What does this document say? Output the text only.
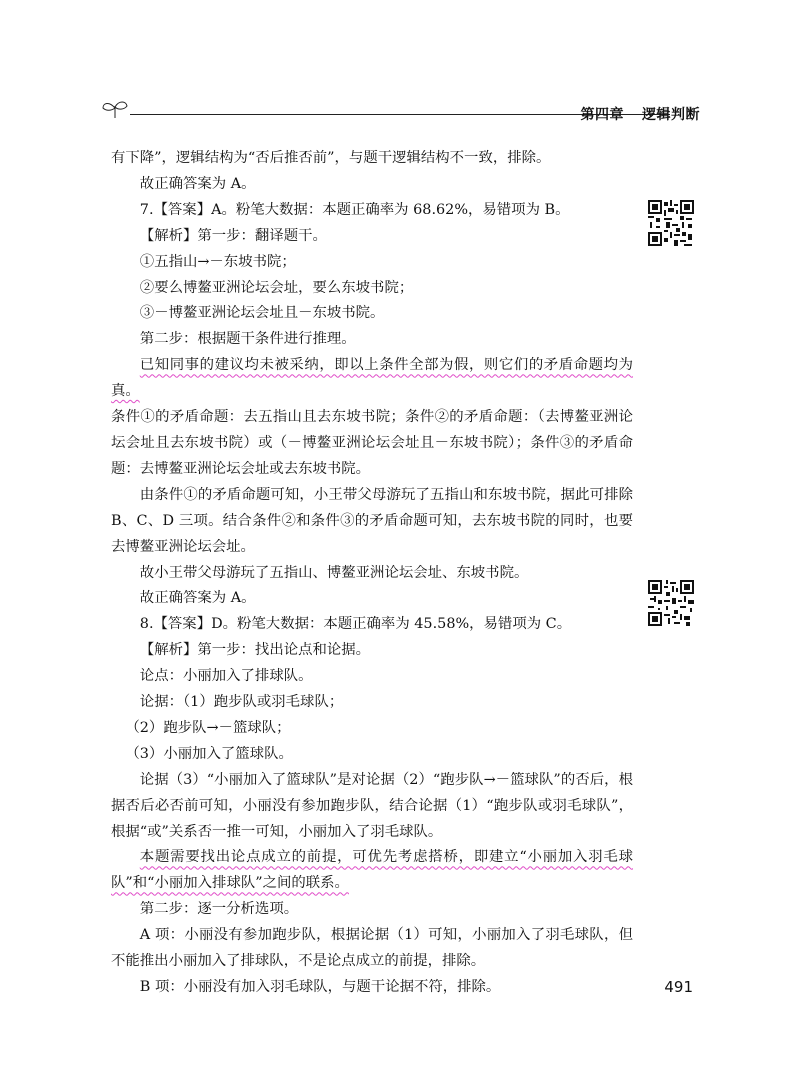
第四章 逻辑判断

有下降”，逻辑结构为“否后推否前”，与题干逻辑结构不一致，排除。

故正确答案为 A。

7.【答案】A。粉笔大数据：本题正确率为 68.62%，易错项为 B。

【解析】第一步：翻译题干。

①五指山→－东坡书院；

②要么博鳌亚洲论坛会址，要么东坡书院；

③－博鳌亚洲论坛会址且－东坡书院。

第二步：根据题干条件进行推理。

已知同事的建议均未被采纳，即以上条件全部为假，则它们的矛盾命题均为真。

条件①的矛盾命题：去五指山且去东坡书院；条件②的矛盾命题：（去博鳌亚洲论坛会址且去东坡书院）或（－博鳌亚洲论坛会址且－东坡书院）；条件③的矛盾命题：去博鳌亚洲论坛会址或去东坡书院。

由条件①的矛盾命题可知，小王带父母游玩了五指山和东坡书院，据此可排除 B、C、D 三项。结合条件②和条件③的矛盾命题可知，去东坡书院的同时，也要去博鳌亚洲论坛会址。

故小王带父母游玩了五指山、博鳌亚洲论坛会址、东坡书院。

故正确答案为 A。

8.【答案】D。粉笔大数据：本题正确率为 45.58%，易错项为 C。

【解析】第一步：找出论点和论据。

论点：小丽加入了排球队。

论据：（1）跑步队或羽毛球队；

（2）跑步队→－篮球队；

（3）小丽加入了篮球队。

论据（3）“小丽加入了篮球队”是对论据（2）“跑步队→－篮球队”的否后，根据否后必否前可知，小丽没有参加跑步队，结合论据（1）“跑步队或羽毛球队”，根据“或”关系否一推一可知，小丽加入了羽毛球队。

本题需要找出论点成立的前提，可优先考虑搭桥，即建立“小丽加入羽毛球队”和“小丽加入排球队”之间的联系。

第二步：逐一分析选项。

A 项：小丽没有参加跑步队，根据论据（1）可知，小丽加入了羽毛球队，但不能推出小丽加入了排球队，不是论点成立的前提，排除。

B 项：小丽没有加入羽毛球队，与题干论据不符，排除。	491
